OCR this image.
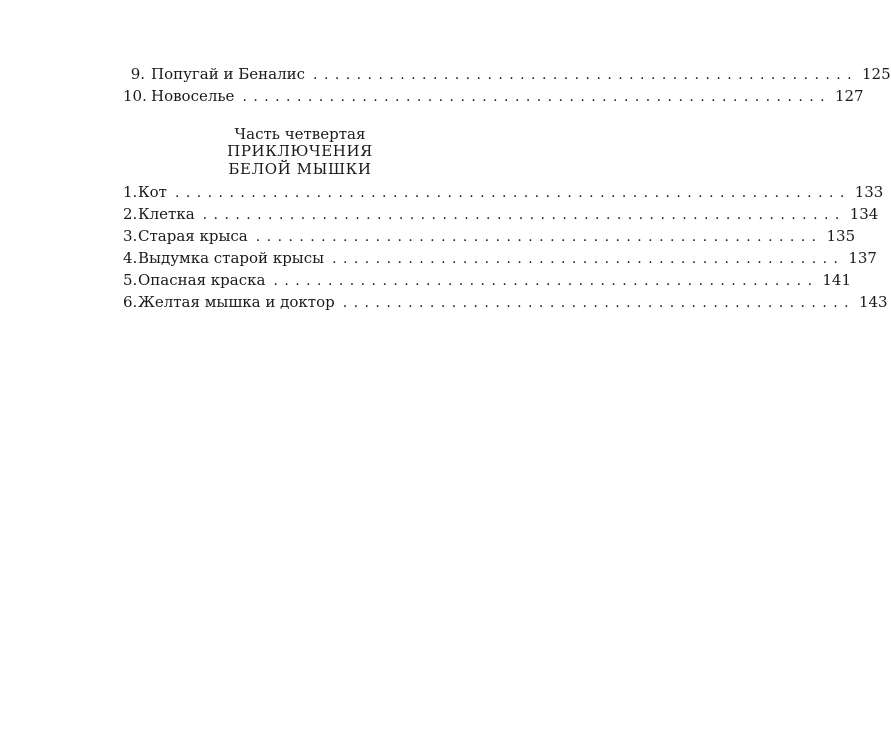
9. Попугай и Беналис . . . . . . . . . . . . . . . . . . . . . . . . . . . . . . . . . . . . . . . . . . . . . . . . . . 125
10. Новоселье . . . . . . . . . . . . . . . . . . . . . . . . . . . . . . . . . . . . . . . . . . . . . . . . . . . . . . 127
Часть четвертая
ПРИКЛЮЧЕНИЯ
БЕЛОЙ МЫШКИ
1. Кот . . . . . . . . . . . . . . . . . . . . . . . . . . . . . . . . . . . . . . . . . . . . . . . . . . . . . . . . . . . . . . 133
2. Клетка . . . . . . . . . . . . . . . . . . . . . . . . . . . . . . . . . . . . . . . . . . . . . . . . . . . . . . . . . . . 134
3. Старая крыса . . . . . . . . . . . . . . . . . . . . . . . . . . . . . . . . . . . . . . . . . . . . . . . . . . . . 135
4. Выдумка старой крысы . . . . . . . . . . . . . . . . . . . . . . . . . . . . . . . . . . . . . . . . . . . . . . . 137
5. Опасная краска . . . . . . . . . . . . . . . . . . . . . . . . . . . . . . . . . . . . . . . . . . . . . . . . . . 141
6. Желтая мышка и доктор . . . . . . . . . . . . . . . . . . . . . . . . . . . . . . . . . . . . . . . . . . . . . . . 143
